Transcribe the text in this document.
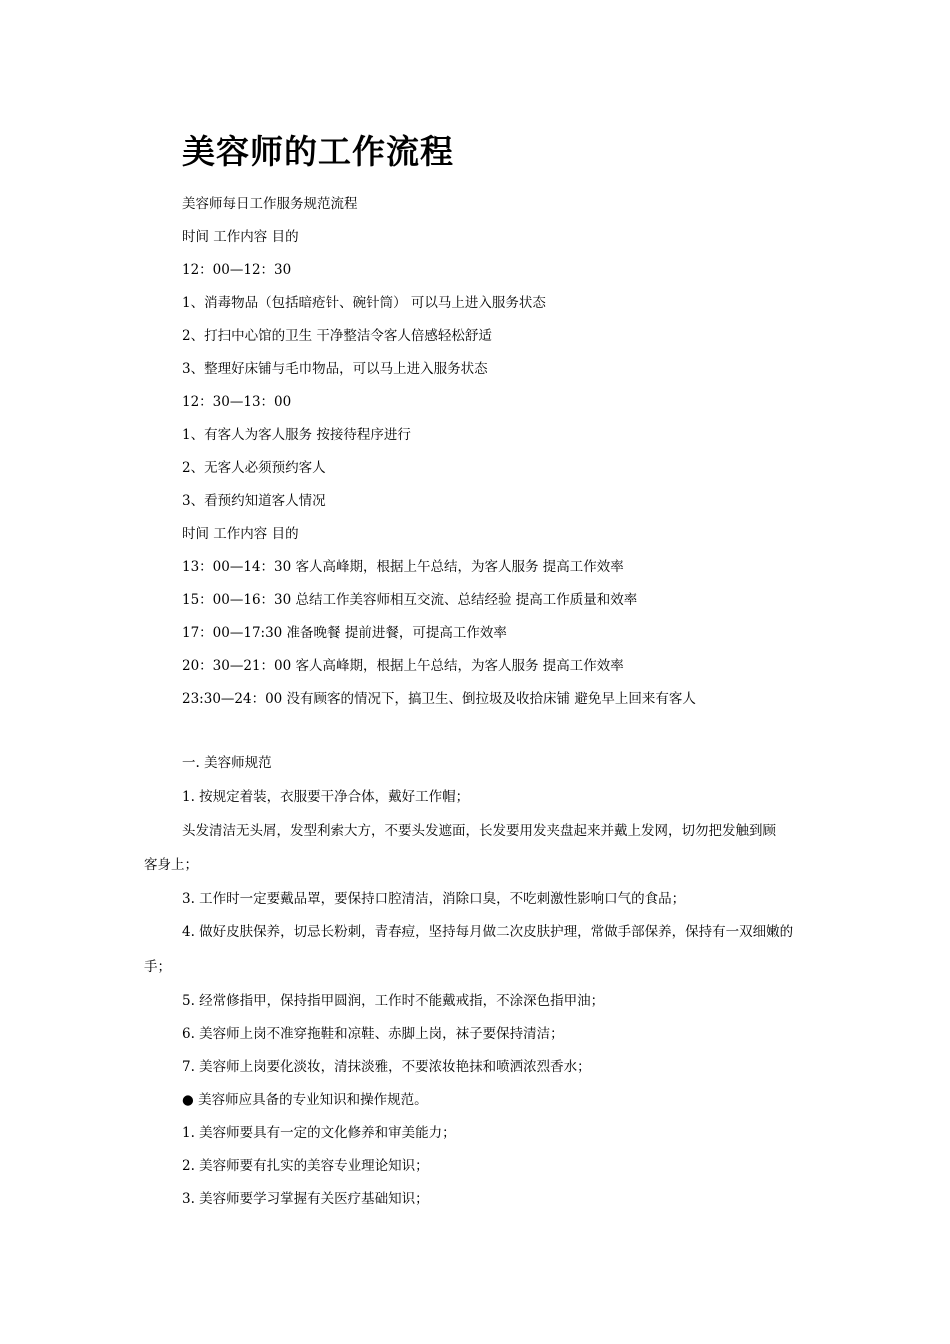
美容师的工作流程
美容师每日工作服务规范流程
时间 工作内容 目的
12：00—12：30
1、消毒物品（包括暗疮针、碗针筒） 可以马上进入服务状态
2、打扫中心馆的卫生 干净整洁令客人倍感轻松舒适
3、整理好床铺与毛巾物品，可以马上进入服务状态
12：30—13：00
1、有客人为客人服务 按接待程序进行
2、无客人必须预约客人
3、看预约知道客人情况
时间 工作内容 目的
13：00—14：30 客人高峰期，根据上午总结，为客人服务 提高工作效率
15：00—16：30 总结工作美容师相互交流、总结经验 提高工作质量和效率
17：00—17:30 准备晚餐 提前进餐，可提高工作效率
20：30—21：00 客人高峰期，根据上午总结，为客人服务 提高工作效率
23:30—24：00 没有顾客的情况下，搞卫生、倒拉圾及收拾床铺 避免早上回来有客人
一. 美容师规范
1. 按规定着装，衣服要干净合体，戴好工作帽；
头发清洁无头屑，发型利索大方，不要头发遮面，长发要用发夹盘起来并戴上发网，切勿把发触到顾
客身上；
3. 工作时一定要戴品罩，要保持口腔清洁，消除口臭，不吃刺激性影响口气的食品；
4. 做好皮肤保养，切忌长粉刺，青春痘，坚持每月做二次皮肤护理，常做手部保养，保持有一双细嫩的
手；
5. 经常修指甲，保持指甲圆润，工作时不能戴戒指，不涂深色指甲油；
6. 美容师上岗不准穿拖鞋和凉鞋、赤脚上岗，袜子要保持清洁；
7. 美容师上岗要化淡妆，清抹淡雅，不要浓妆艳抹和喷洒浓烈香水；
● 美容师应具备的专业知识和操作规范。
1. 美容师要具有一定的文化修养和审美能力；
2. 美容师要有扎实的美容专业理论知识；
3. 美容师要学习掌握有关医疗基础知识；
